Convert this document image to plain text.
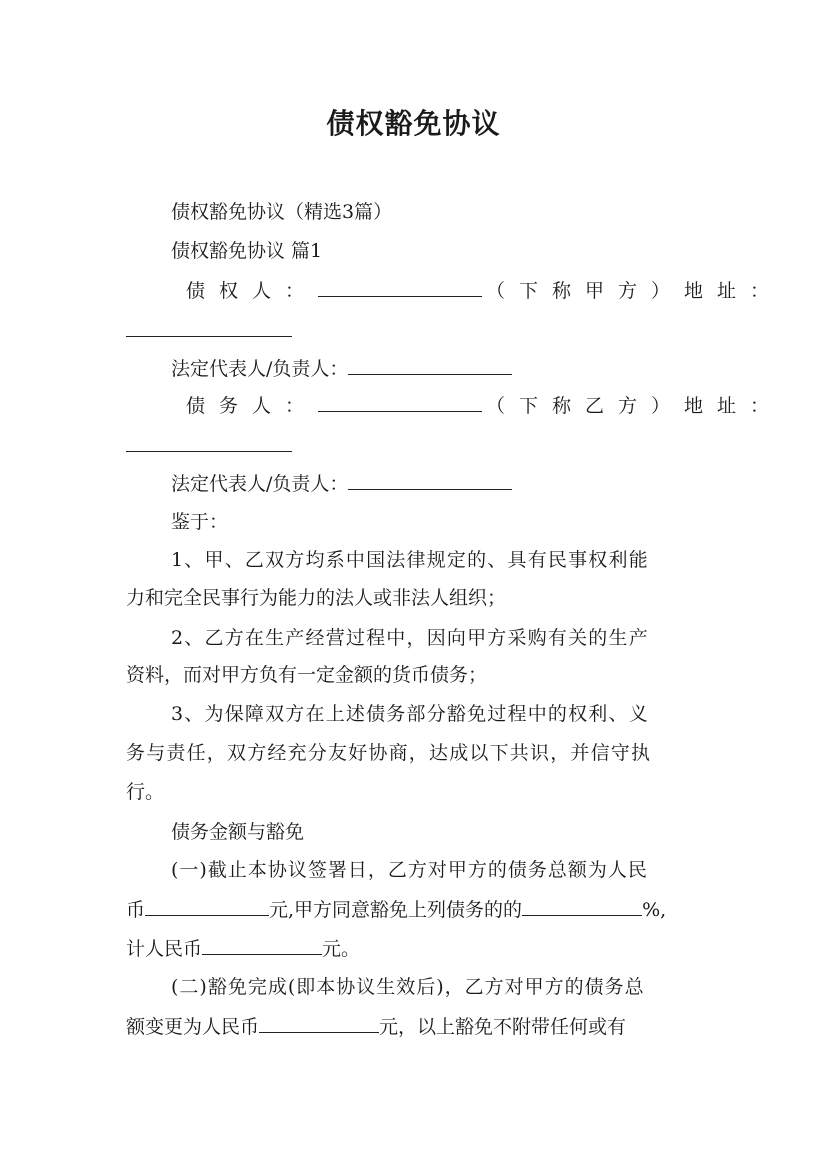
债权豁免协议
债权豁免协议（精选3篇）
债权豁免协议 篇1
债权人：	（下称甲方）地址：
法定代表人/负责人：
债务人：	（下称乙方）地址：
法定代表人/负责人：
鉴于：
1、甲、乙双方均系中国法律规定的、具有民事权利能
力和完全民事行为能力的法人或非法人组织；
2、乙方在生产经营过程中，因向甲方采购有关的生产
资料，而对甲方负有一定金额的货币债务；
3、为保障双方在上述债务部分豁免过程中的权利、义
务与责任，双方经充分友好协商，达成以下共识，并信守执
行。
债务金额与豁免
(一)截止本协议签署日，乙方对甲方的债务总额为人民
币	元,甲方同意豁免上列债务的的	%,
计人民币	元。
(二)豁免完成(即本协议生效后)，乙方对甲方的债务总
额变更为人民币	元，以上豁免不附带任何或有
